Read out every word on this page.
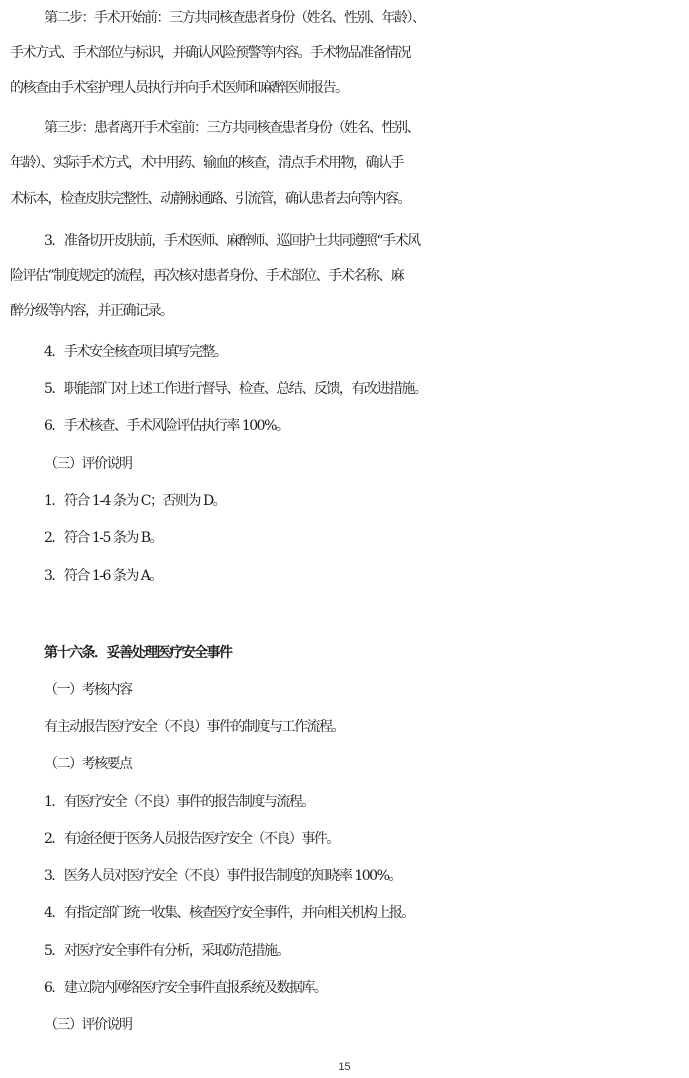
第二步：手术开始前：三方共同核查患者身份（姓名、性别、年龄）、
手术方式、手术部位与标识，并确认风险预警等内容。手术物品准备情况
的核查由手术室护理人员执行并向手术医师和麻醉医师报告。
第三步：患者离开手术室前：三方共同核查患者身份（姓名、性别、
年龄）、实际手术方式，术中用药、输血的核查，清点手术用物，确认手
术标本，检查皮肤完整性、动静脉通路、引流管，确认患者去向等内容。
3．准备切开皮肤前，手术医师、麻醉师、巡回护士共同遵照“手术风
险评估”制度规定的流程，再次核对患者身份、手术部位、手术名称、麻
醉分级等内容，并正确记录。
4．手术安全核查项目填写完整。
5．职能部门对上述工作进行督导、检查、总结、反馈，有改进措施。
6．手术核查、手术风险评估执行率 100%。
（三）评价说明
1．符合 1-4 条为 C；否则为 D。
2．符合 1-5 条为 B。
3．符合 1-6 条为 A。
第十六条．妥善处理医疗安全事件
（一）考核内容
有主动报告医疗安全（不良）事件的制度与工作流程。
（二）考核要点
1．有医疗安全（不良）事件的报告制度与流程。
2．有途径便于医务人员报告医疗安全（不良）事件。
3．医务人员对医疗安全（不良）事件报告制度的知晓率 100%。
4．有指定部门统一收集、核查医疗安全事件，并向相关机构上报。
5．对医疗安全事件有分析，采取防范措施。
6．建立院内网络医疗安全事件直报系统及数据库。
（三）评价说明
15
